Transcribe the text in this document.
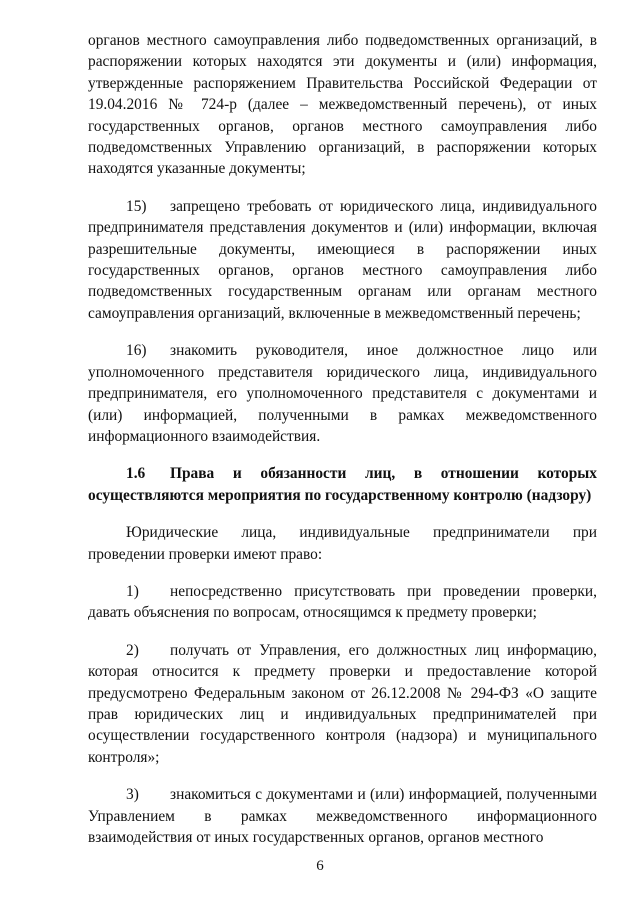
органов местного самоуправления либо подведомственных организаций, в распоряжении которых находятся эти документы и (или) информация, утвержденные распоряжением Правительства Российской Федерации от 19.04.2016 № 724-р (далее – межведомственный перечень), от иных государственных органов, органов местного самоуправления либо подведомственных Управлению организаций, в распоряжении которых находятся указанные документы;

15) запрещено требовать от юридического лица, индивидуального предпринимателя представления документов и (или) информации, включая разрешительные документы, имеющиеся в распоряжении иных государственных органов, органов местного самоуправления либо подведомственных государственным органам или органам местного самоуправления организаций, включенные в межведомственный перечень;

16) знакомить руководителя, иное должностное лицо или уполномоченного представителя юридического лица, индивидуального предпринимателя, его уполномоченного представителя с документами и (или) информацией, полученными в рамках межведомственного информационного взаимодействия.

1.6 Права и обязанности лиц, в отношении которых осуществляются мероприятия по государственному контролю (надзору)

Юридические лица, индивидуальные предприниматели при проведении проверки имеют право:

1) непосредственно присутствовать при проведении проверки, давать объяснения по вопросам, относящимся к предмету проверки;

2) получать от Управления, его должностных лиц информацию, которая относится к предмету проверки и предоставление которой предусмотрено Федеральным законом от 26.12.2008 № 294-ФЗ «О защите прав юридических лиц и индивидуальных предпринимателей при осуществлении государственного контроля (надзора) и муниципального контроля»;

3) знакомиться с документами и (или) информацией, полученными Управлением в рамках межведомственного информационного взаимодействия от иных государственных органов, органов местного

6
